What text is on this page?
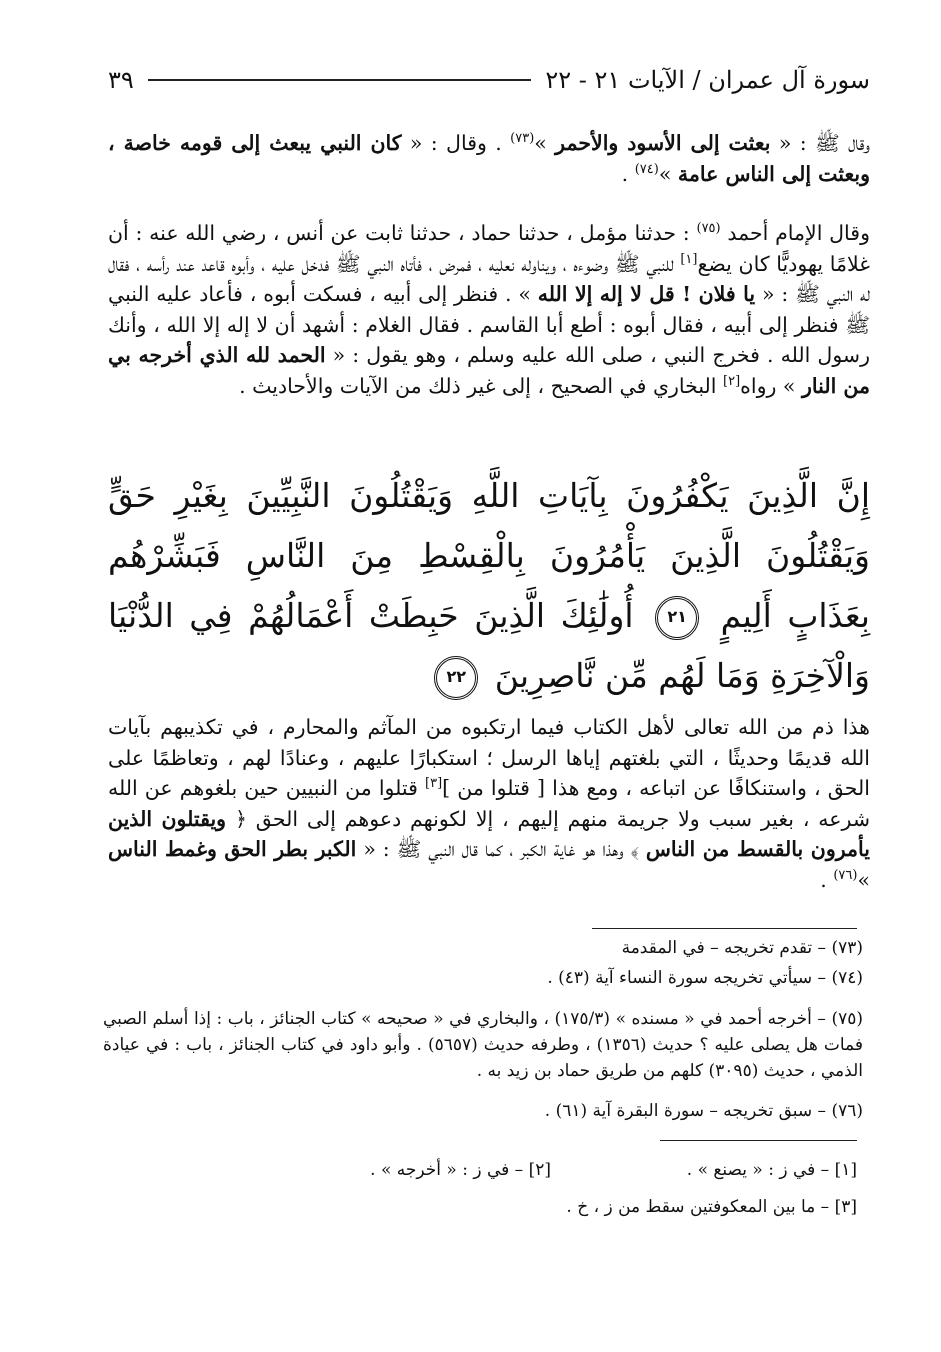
سورة آل عمران / الآيات ٢١ - ٢٢
٣٩
وقال ﷺ : « بعثت إلى الأسود والأحمر »$^{(٧٣)}$ . وقال : « كان النبي يبعث إلى قومه خاصة ، وبعثت إلى الناس عامة »$^{(٧٤)}$ .
وقال الإمام أحمد $^{(٧٥)}$ : حدثنا مؤمل ، حدثنا حماد ، حدثنا ثابت عن أنس ، رضي الله عنه : أن غلامًا يهوديًّا كان يضع[١] للنبي ﷺ وضوءه ، ويناوله نعليه ، فمرض ، فأتاه النبي ﷺ فدخل عليه ، وأبوه قاعد عند رأسه ، فقال له النبي ﷺ : « يا فلان ! قل لا إله إلا الله » . فنظر إلى أبيه ، فسكت أبوه ، فأعاد عليه النبي ﷺ فنظر إلى أبيه ، فقال أبوه : أطع أبا القاسم . فقال الغلام : أشهد أن لا إله إلا الله ، وأنك رسول الله . فخرج النبي ، صلى الله عليه وسلم ، وهو يقول : « الحمد لله الذي أخرجه بي من النار » رواه[٢] البخاري في الصحيح ، إلى غير ذلك من الآيات والأحاديث .
إِنَّ الَّذِينَ يَكْفُرُونَ بِآيَاتِ اللَّهِ وَيَقْتُلُونَ النَّبِيِّينَ بِغَيْرِ حَقٍّ وَيَقْتُلُونَ الَّذِينَ يَأْمُرُونَ بِالْقِسْطِ مِنَ النَّاسِ فَبَشِّرْهُم بِعَذَابٍ أَلِيمٍ ٢١ أُولَٰئِكَ الَّذِينَ حَبِطَتْ أَعْمَالُهُمْ فِي الدُّنْيَا وَالْآخِرَةِ وَمَا لَهُم مِّن نَّاصِرِينَ ٢٢
هذا ذم من الله تعالى لأهل الكتاب فيما ارتكبوه من المآثم والمحارم ، في تكذيبهم بآيات الله قديمًا وحديثًا ، التي بلغتهم إياها الرسل ؛ استكبارًا عليهم ، وعنادًا لهم ، وتعاظمًا على الحق ، واستنكافًا عن اتباعه ، ومع هذا [ قتلوا من ][٣] قتلوا من النبيين حين بلغوهم عن الله شرعه ، بغير سبب ولا جريمة منهم إليهم ، إلا لكونهم دعوهم إلى الحق ﴿ ويقتلون الذين يأمرون بالقسط من الناس ﴾ وهذا هو غاية الكبر ، كما قال النبي ﷺ : « الكبر بطر الحق وغمط الناس »$^{(٧٦)}$ .
(٧٣) – تقدم تخريجه – في المقدمة
(٧٤) – سيأتي تخريجه سورة النساء آية (٤٣) .
(٧٥) – أخرجه أحمد في « مسنده » (١٧٥/٣) ، والبخاري في « صحيحه » كتاب الجنائز ، باب : إذا أسلم الصبي فمات هل يصلى عليه ؟ حديث (١٣٥٦) ، وطرفه حديث (٥٦٥٧) . وأبو داود في كتاب الجنائز ، باب : في عيادة الذمي ، حديث (٣٠٩٥) كلهم من طريق حماد بن زيد به .
(٧٦) – سبق تخريجه – سورة البقرة آية (٦١) .
[١] – في ز : « يصنع » .
[٢] – في ز : « أخرجه » .
[٣] – ما بين المعكوفتين سقط من ز ، خ .
